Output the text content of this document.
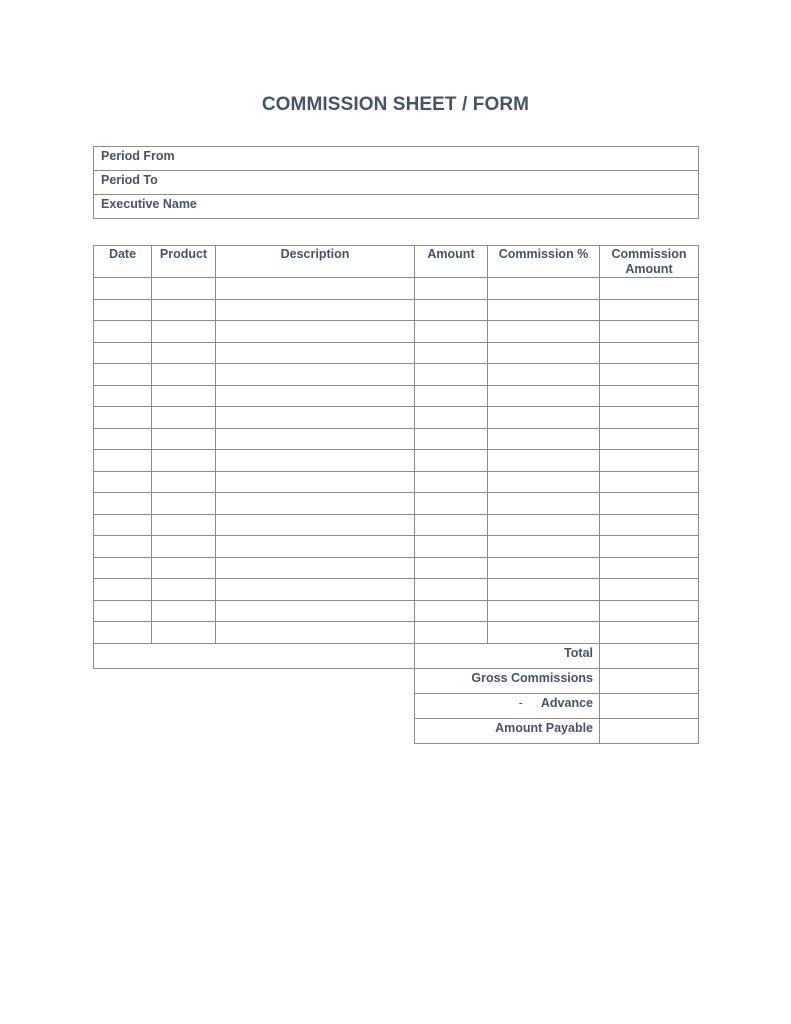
COMMISSION SHEET / FORM
Period From
Period To
Executive Name
Date	Product	Description	Amount	Commission %	Commission Amount

			Total		
			Gross Commissions		
			- Advance		
			Amount Payable		
